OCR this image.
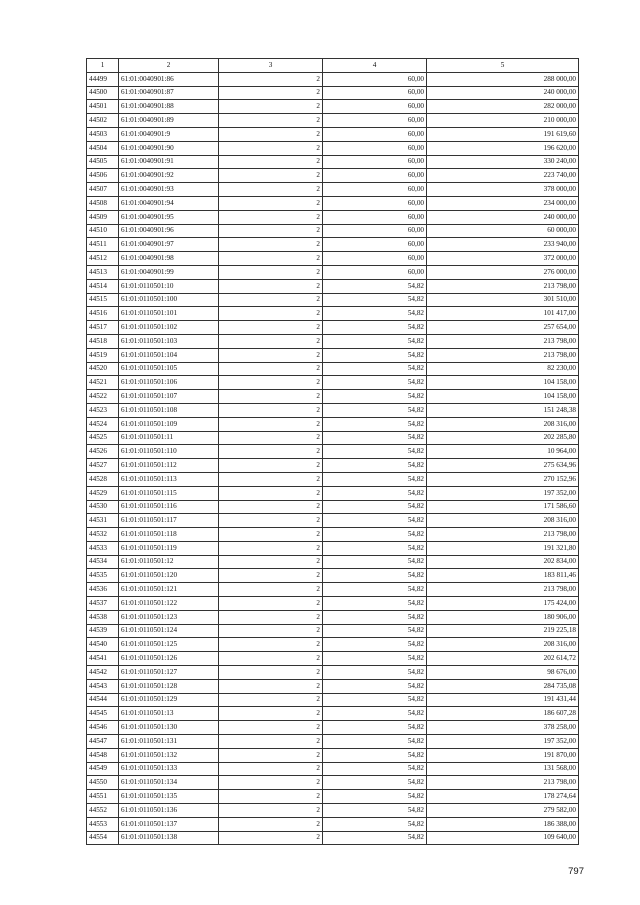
1	2	3	4	5
44499	61:01:0040901:86	2	60,00	288 000,00
44500	61:01:0040901:87	2	60,00	240 000,00
44501	61:01:0040901:88	2	60,00	282 000,00
44502	61:01:0040901:89	2	60,00	210 000,00
44503	61:01:0040901:9	2	60,00	191 619,60
44504	61:01:0040901:90	2	60,00	196 620,00
44505	61:01:0040901:91	2	60,00	330 240,00
44506	61:01:0040901:92	2	60,00	223 740,00
44507	61:01:0040901:93	2	60,00	378 000,00
44508	61:01:0040901:94	2	60,00	234 000,00
44509	61:01:0040901:95	2	60,00	240 000,00
44510	61:01:0040901:96	2	60,00	60 000,00
44511	61:01:0040901:97	2	60,00	233 940,00
44512	61:01:0040901:98	2	60,00	372 000,00
44513	61:01:0040901:99	2	60,00	276 000,00
44514	61:01:0110501:10	2	54,82	213 798,00
44515	61:01:0110501:100	2	54,82	301 510,00
44516	61:01:0110501:101	2	54,82	101 417,00
44517	61:01:0110501:102	2	54,82	257 654,00
44518	61:01:0110501:103	2	54,82	213 798,00
44519	61:01:0110501:104	2	54,82	213 798,00
44520	61:01:0110501:105	2	54,82	82 230,00
44521	61:01:0110501:106	2	54,82	104 158,00
44522	61:01:0110501:107	2	54,82	104 158,00
44523	61:01:0110501:108	2	54,82	151 248,38
44524	61:01:0110501:109	2	54,82	208 316,00
44525	61:01:0110501:11	2	54,82	202 285,80
44526	61:01:0110501:110	2	54,82	10 964,00
44527	61:01:0110501:112	2	54,82	275 634,96
44528	61:01:0110501:113	2	54,82	270 152,96
44529	61:01:0110501:115	2	54,82	197 352,00
44530	61:01:0110501:116	2	54,82	171 586,60
44531	61:01:0110501:117	2	54,82	208 316,00
44532	61:01:0110501:118	2	54,82	213 798,00
44533	61:01:0110501:119	2	54,82	191 321,80
44534	61:01:0110501:12	2	54,82	202 834,00
44535	61:01:0110501:120	2	54,82	183 811,46
44536	61:01:0110501:121	2	54,82	213 798,00
44537	61:01:0110501:122	2	54,82	175 424,00
44538	61:01:0110501:123	2	54,82	180 906,00
44539	61:01:0110501:124	2	54,82	219 225,18
44540	61:01:0110501:125	2	54,82	208 316,00
44541	61:01:0110501:126	2	54,82	202 614,72
44542	61:01:0110501:127	2	54,82	98 676,00
44543	61:01:0110501:128	2	54,82	284 735,08
44544	61:01:0110501:129	2	54,82	191 431,44
44545	61:01:0110501:13	2	54,82	186 607,28
44546	61:01:0110501:130	2	54,82	378 258,00
44547	61:01:0110501:131	2	54,82	197 352,00
44548	61:01:0110501:132	2	54,82	191 870,00
44549	61:01:0110501:133	2	54,82	131 568,00
44550	61:01:0110501:134	2	54,82	213 798,00
44551	61:01:0110501:135	2	54,82	178 274,64
44552	61:01:0110501:136	2	54,82	279 582,00
44553	61:01:0110501:137	2	54,82	186 388,00
44554	61:01:0110501:138	2	54,82	109 640,00
797
